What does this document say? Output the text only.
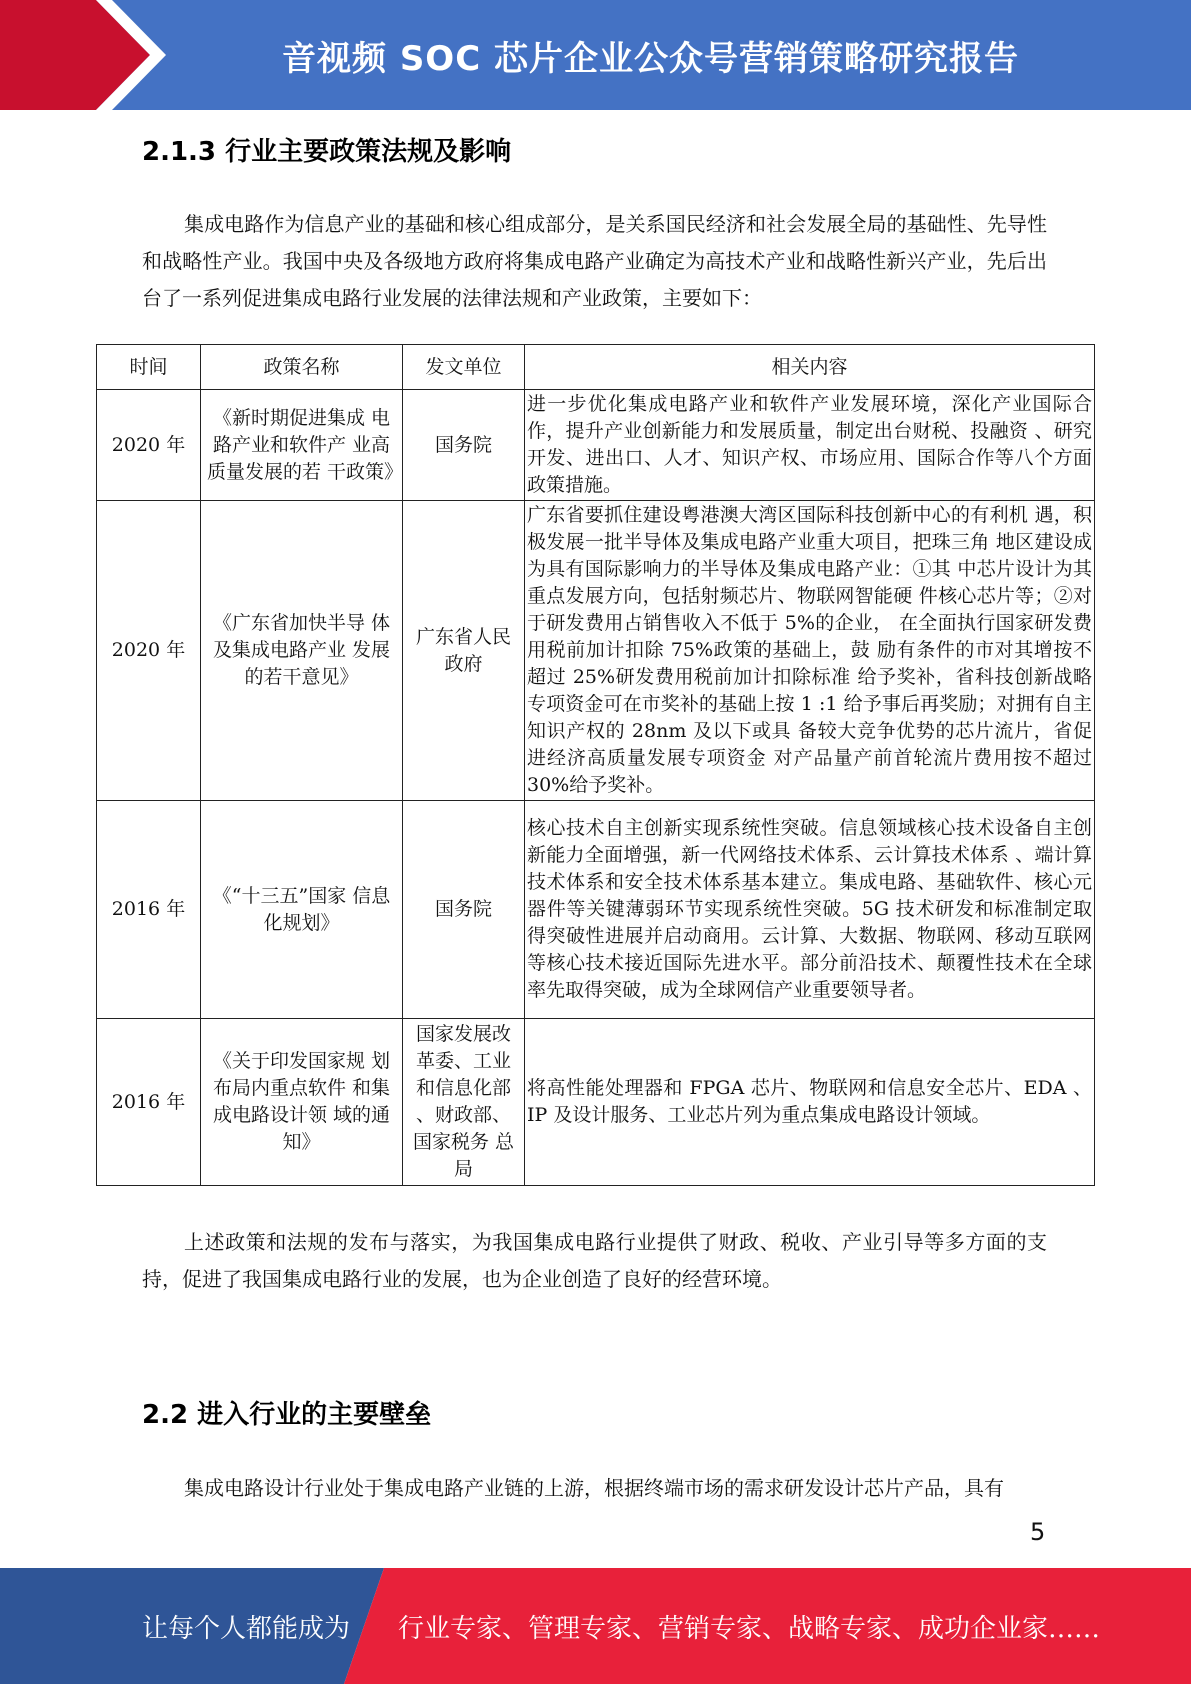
音视频 SOC 芯片企业公众号营销策略研究报告
2.1.3 行业主要政策法规及影响
集成电路作为信息产业的基础和核心组成部分，是关系国民经济和社会发展全局的基础性、先导性和战略性产业。我国中央及各级地方政府将集成电路产业确定为高技术产业和战略性新兴产业，先后出台了一系列促进集成电路行业发展的法律法规和产业政策，主要如下：
时间	政策名称	发文单位	相关内容
2020 年	《新时期促进集成 电路产业和软件产 业高质量发展的若 干政策》	国务院	进一步优化集成电路产业和软件产业发展环境，深化产业国际合作，提升产业创新能力和发展质量，制定出台财税、投融资 、研究开发、进出口、人才、知识产权、市场应用、国际合作等八个方面政策措施。
2020 年	《广东省加快半导 体及集成电路产业 发展的若干意见》	广东省人民政府	广东省要抓住建设粤港澳大湾区国际科技创新中心的有利机 遇，积极发展一批半导体及集成电路产业重大项目，把珠三角 地区建设成为具有国际影响力的半导体及集成电路产业：①其 中芯片设计为其重点发展方向，包括射频芯片、物联网智能硬 件核心芯片等；②对于研发费用占销售收入不低于 5%的企业， 在全面执行国家研发费用税前加计扣除 75%政策的基础上，鼓 励有条件的市对其增按不超过 25%研发费用税前加计扣除标准 给予奖补，省科技创新战略专项资金可在市奖补的基础上按 1 :1 给予事后再奖励；对拥有自主知识产权的 28nm 及以下或具 备较大竞争优势的芯片流片，省促进经济高质量发展专项资金 对产品量产前首轮流片费用按不超过 30%给予奖补。
2016 年	《“十三五”国家 信息化规划》	国务院	核心技术自主创新实现系统性突破。信息领域核心技术设备自主创新能力全面增强，新一代网络技术体系、云计算技术体系 、端计算技术体系和安全技术体系基本建立。集成电路、基础软件、核心元器件等关键薄弱环节实现系统性突破。5G 技术研发和标准制定取得突破性进展并启动商用。云计算、大数据、物联网、移动互联网等核心技术接近国际先进水平。部分前沿技术、颠覆性技术在全球率先取得突破，成为全球网信产业重要领导者。
2016 年	《关于印发国家规 划布局内重点软件 和集成电路设计领 域的通知》	国家发展改革委、工业和信息化部 、财政部、 国家税务 总局	将高性能处理器和 FPGA 芯片、物联网和信息安全芯片、EDA 、IP 及设计服务、工业芯片列为重点集成电路设计领域。
上述政策和法规的发布与落实，为我国集成电路行业提供了财政、税收、产业引导等多方面的支持，促进了我国集成电路行业的发展，也为企业创造了良好的经营环境。
2.2 进入行业的主要壁垒
集成电路设计行业处于集成电路产业链的上游，根据终端市场的需求研发设计芯片产品，具有
5
让每个人都能成为 行业专家、管理专家、营销专家、战略专家、成功企业家……
